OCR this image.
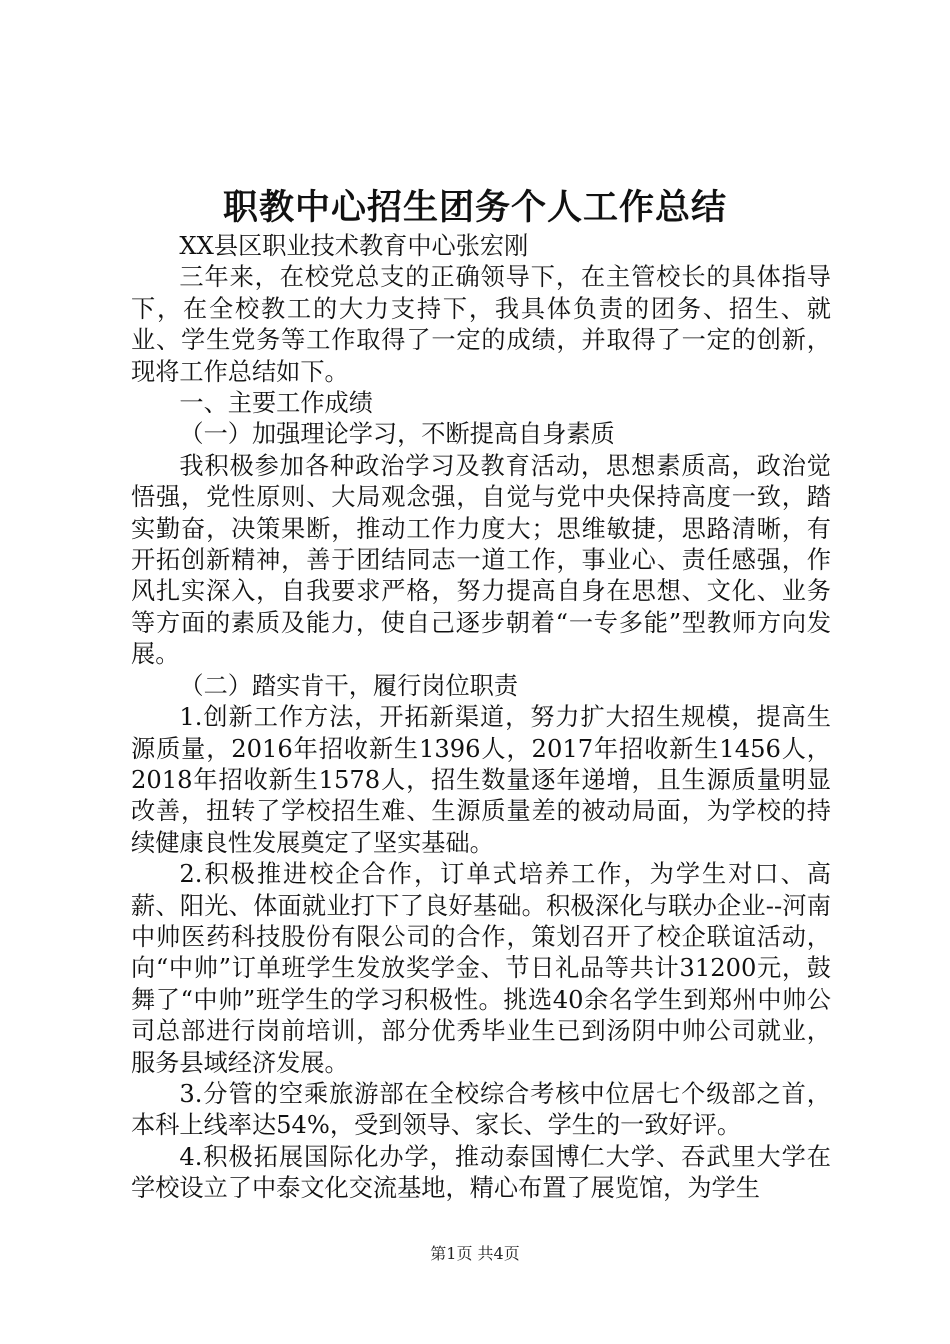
职教中心招生团务个人工作总结

XX县区职业技术教育中心张宏刚

三年来，在校党总支的正确领导下，在主管校长的具体指导下，在全校教工的大力支持下，我具体负责的团务、招生、就业、学生党务等工作取得了一定的成绩，并取得了一定的创新，现将工作总结如下。

一、主要工作成绩

（一）加强理论学习，不断提高自身素质

我积极参加各种政治学习及教育活动，思想素质高，政治觉悟强，党性原则、大局观念强，自觉与党中央保持高度一致，踏实勤奋，决策果断，推动工作力度大；思维敏捷，思路清晰，有开拓创新精神，善于团结同志一道工作，事业心、责任感强，作风扎实深入，自我要求严格，努力提高自身在思想、文化、业务等方面的素质及能力，使自己逐步朝着“一专多能”型教师方向发展。

（二）踏实肯干，履行岗位职责

1.创新工作方法，开拓新渠道，努力扩大招生规模，提高生源质量，2016年招收新生1396人，2017年招收新生1456人，2018年招收新生1578人，招生数量逐年递增，且生源质量明显改善，扭转了学校招生难、生源质量差的被动局面，为学校的持续健康良性发展奠定了坚实基础。

2.积极推进校企合作，订单式培养工作，为学生对口、高薪、阳光、体面就业打下了良好基础。积极深化与联办企业--河南中帅医药科技股份有限公司的合作，策划召开了校企联谊活动，向“中帅”订单班学生发放奖学金、节日礼品等共计31200元，鼓舞了“中帅”班学生的学习积极性。挑选40余名学生到郑州中帅公司总部进行岗前培训，部分优秀毕业生已到汤阴中帅公司就业，服务县域经济发展。

3.分管的空乘旅游部在全校综合考核中位居七个级部之首，本科上线率达54%，受到领导、家长、学生的一致好评。

4.积极拓展国际化办学，推动泰国博仁大学、吞武里大学在学校设立了中泰文化交流基地，精心布置了展览馆，为学生

第1页 共4页
